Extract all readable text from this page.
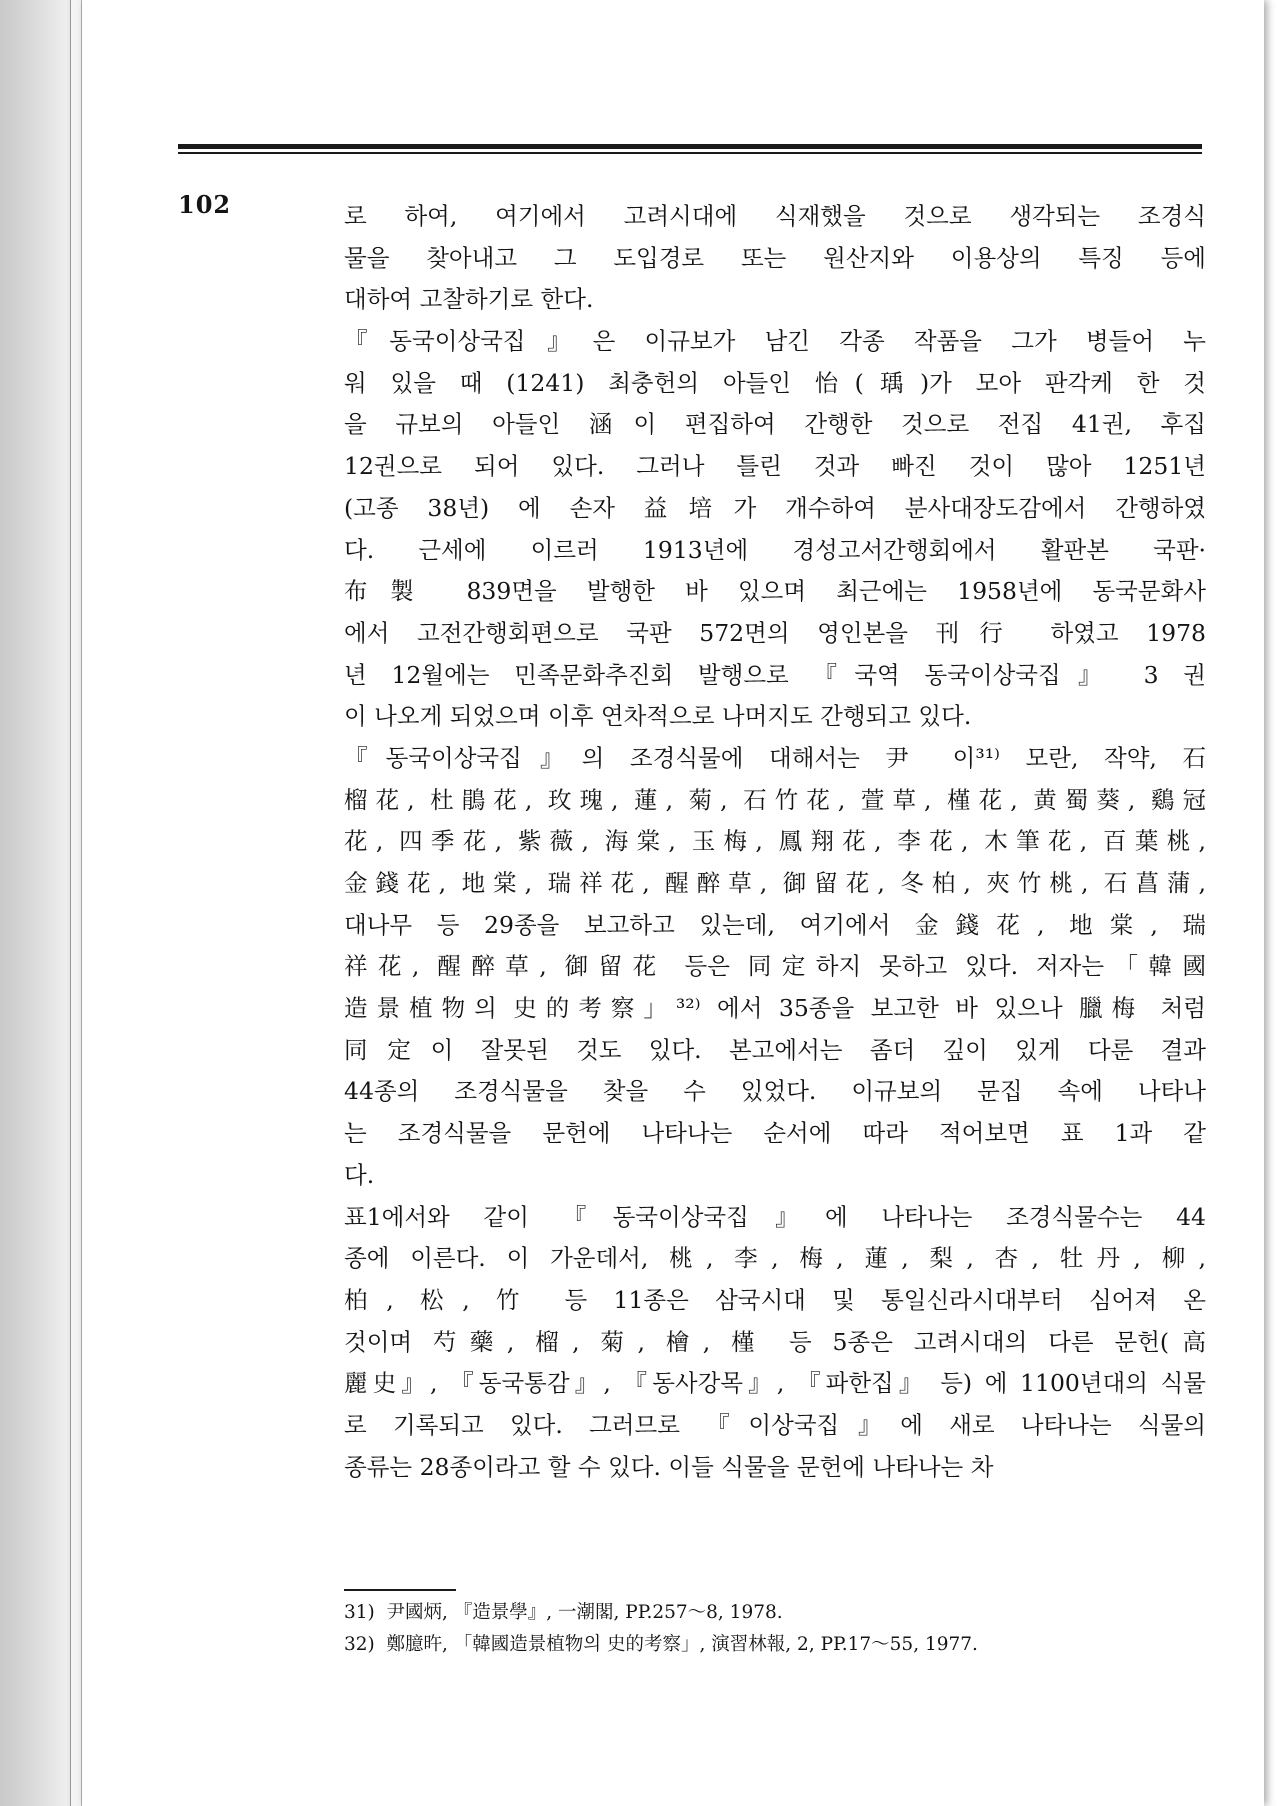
102	로 하여, 여기에서 고려시대에 식재했을 것으로 생각되는 조경식
물을 찾아내고 그 도입경로 또는 원산지와 이용상의 특징 등에
대하여 고찰하기로 한다.
『동국이상국집』은 이규보가 남긴 각종 작품을 그가 병들어 누
워 있을 때 (1241) 최충헌의 아들인 怡(瑀)가 모아 판각케 한 것
을 규보의 아들인 涵이 편집하여 간행한 것으로 전집 41권, 후집
12권으로 되어 있다. 그러나 틀린 것과 빠진 것이 많아 1251년
(고종 38년) 에 손자 益培가 개수하여 분사대장도감에서 간행하였
다. 근세에 이르러 1913년에 경성고서간행회에서 활판본 국판·
布製 839면을 발행한 바 있으며 최근에는 1958년에 동국문화사
에서 고전간행회편으로 국판 572면의 영인본을 刊行 하였고 1978
년 12월에는 민족문화추진회 발행으로 『국역 동국이상국집』 3 권
이 나오게 되었으며 이후 연차적으로 나머지도 간행되고 있다.
『동국이상국집』의 조경식물에 대해서는 尹 이³¹⁾ 모란, 작약, 石
榴花, 杜鵑花, 玫瑰, 蓮, 菊, 石竹花, 萱草, 槿花, 黄蜀葵, 鷄冠
花, 四季花, 紫薇, 海棠, 玉梅, 鳳翔花, 李花, 木筆花, 百葉桃,
金錢花, 地棠, 瑞祥花, 醒醉草, 御留花, 冬柏, 夾竹桃, 石菖蒲,
대나무 등 29종을 보고하고 있는데, 여기에서 金錢花, 地棠, 瑞
祥花, 醒醉草, 御留花 등은 同定하지 못하고 있다. 저자는「韓國
造景植物의 史的考察」³²⁾ 에서 35종을 보고한 바 있으나 臘梅 처럼
同定이 잘못된 것도 있다. 본고에서는 좀더 깊이 있게 다룬 결과
44종의 조경식물을 찾을 수 있었다. 이규보의 문집 속에 나타나
는 조경식물을 문헌에 나타나는 순서에 따라 적어보면 표 1과 같
다.
표1에서와 같이 『동국이상국집』에 나타나는 조경식물수는 44
종에 이른다. 이 가운데서, 桃, 李, 梅, 蓮, 梨, 杏, 牡丹, 柳,
柏, 松, 竹 등 11종은 삼국시대 및 통일신라시대부터 심어져 온
것이며 芍藥, 榴, 菊, 檜, 槿 등 5종은 고려시대의 다른 문헌(高
麗史』, 『동국통감』, 『동사강목』, 『파한집』 등) 에 1100년대의 식물
로 기록되고 있다. 그러므로 『이상국집』에 새로 나타나는 식물의
종류는 28종이라고 할 수 있다. 이들 식물을 문헌에 나타나는 차
31)  尹國炳, 『造景學』, 一潮閣, PP.257～8, 1978.
32)  鄭臆旿, 「韓國造景植物의 史的考察」, 演習林報, 2, PP.17～55, 1977.
